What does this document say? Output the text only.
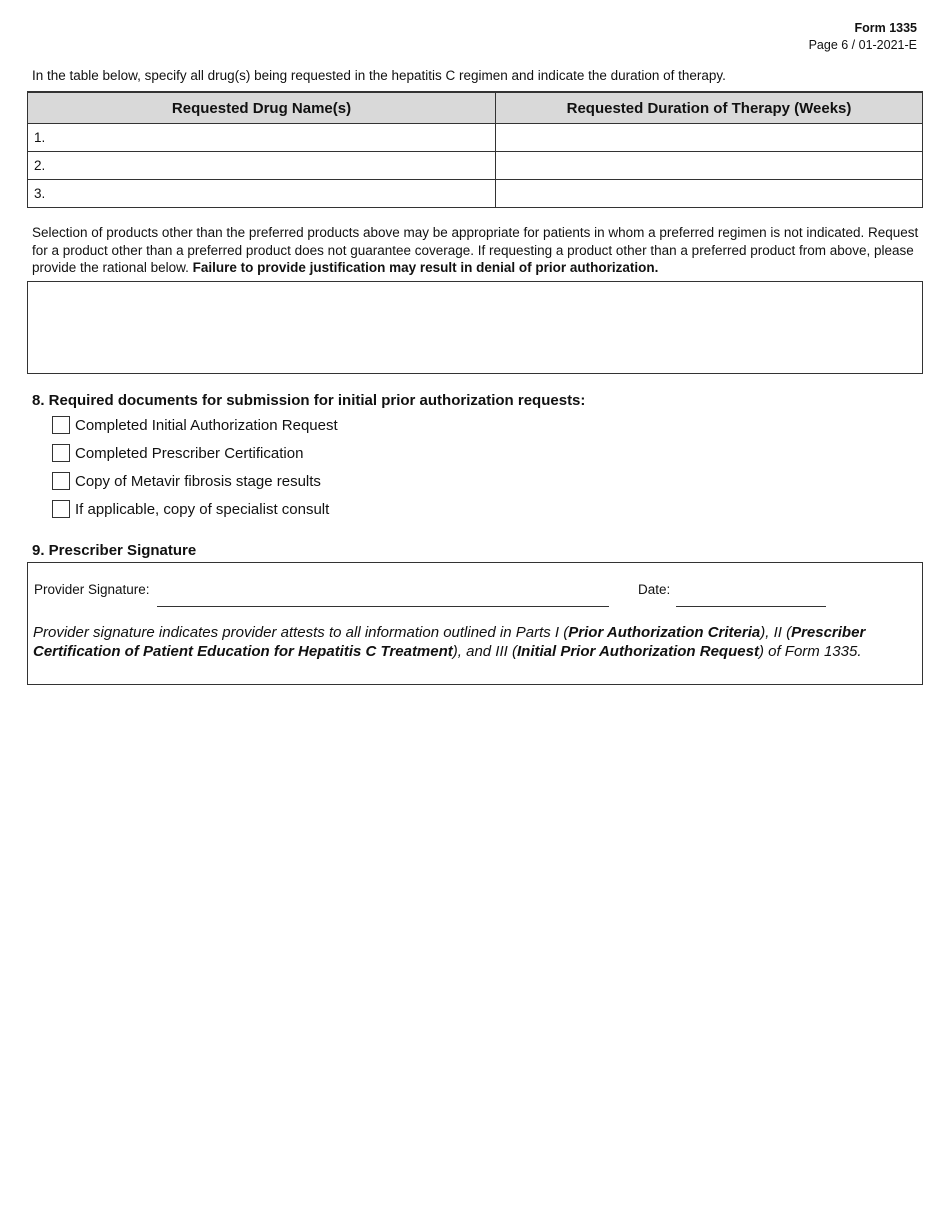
Form 1335
Page 6 / 01-2021-E
In the table below, specify all drug(s) being requested in the hepatitis C regimen and indicate the duration of therapy.
Requested Drug Name(s)	Requested Duration of Therapy (Weeks)
1.	
2.	
3.	
Selection of products other than the preferred products above may be appropriate for patients in whom a preferred regimen is not indicated. Request for a product other than a preferred product does not guarantee coverage. If requesting a product other than a preferred product from above, please provide the rational below. Failure to provide justification may result in denial of prior authorization.
8. Required documents for submission for initial prior authorization requests:
Completed Initial Authorization Request
Completed Prescriber Certification
Copy of Metavir fibrosis stage results
If applicable, copy of specialist consult
9. Prescriber Signature
Provider Signature:	Date:
Provider signature indicates provider attests to all information outlined in Parts I (Prior Authorization Criteria), II (Prescriber Certification of Patient Education for Hepatitis C Treatment), and III (Initial Prior Authorization Request) of Form 1335.
